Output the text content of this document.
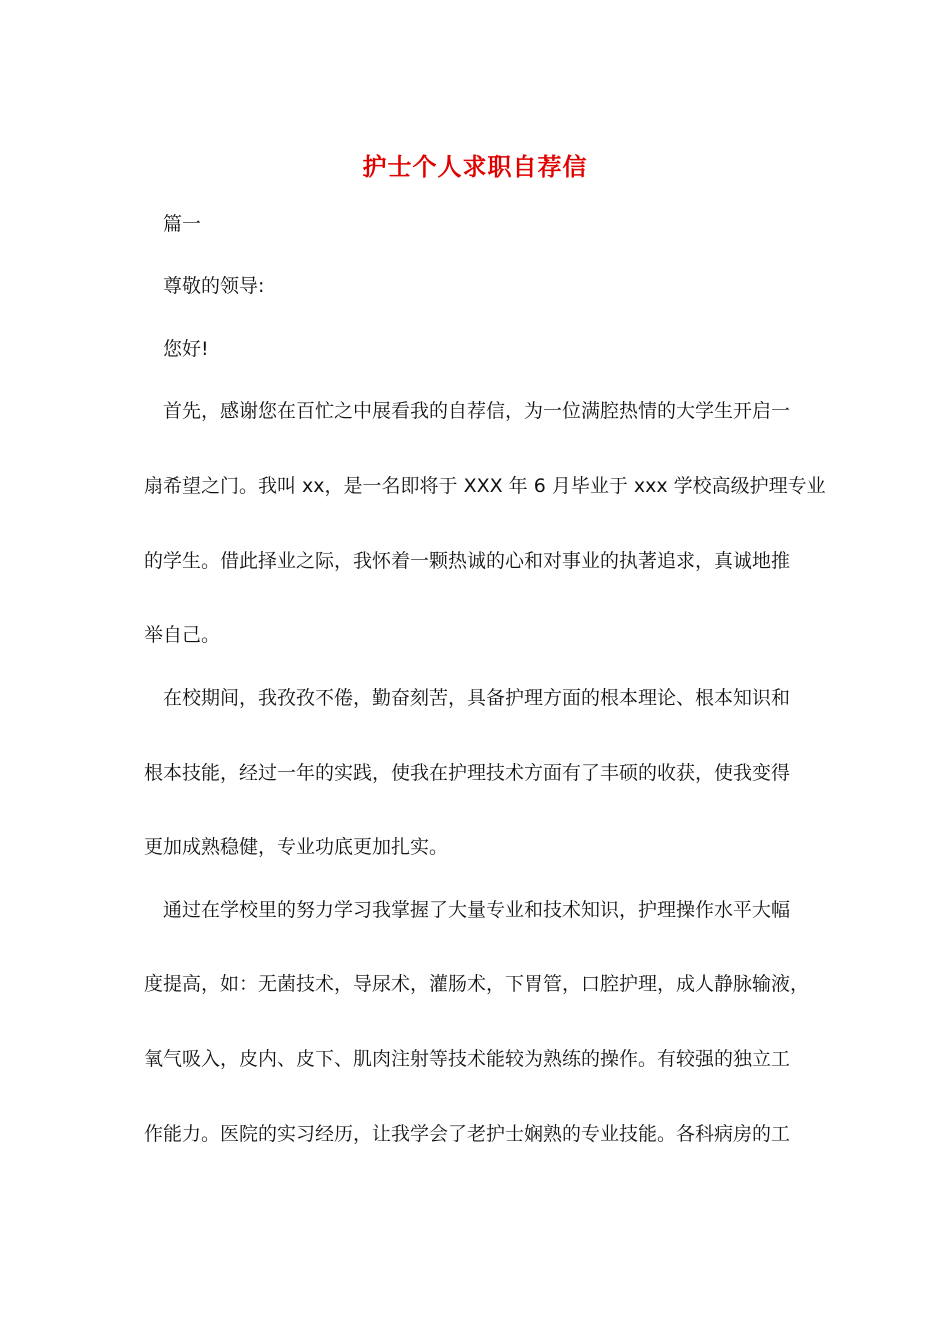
护士个人求职自荐信
篇一
尊敬的领导:
您好!
首先，感谢您在百忙之中展看我的自荐信，为一位满腔热情的大学生开启一
扇希望之门。我叫 xx，是一名即将于 XXX 年 6 月毕业于 xxx 学校高级护理专业
的学生。借此择业之际，我怀着一颗热诚的心和对事业的执著追求，真诚地推
举自己。
在校期间，我孜孜不倦，勤奋刻苦，具备护理方面的根本理论、根本知识和
根本技能，经过一年的实践，使我在护理技术方面有了丰硕的收获，使我变得
更加成熟稳健，专业功底更加扎实。
通过在学校里的努力学习我掌握了大量专业和技术知识，护理操作水平大幅
度提高，如：无菌技术，导尿术，灌肠术，下胃管，口腔护理，成人静脉输液，
氧气吸入，皮内、皮下、肌肉注射等技术能较为熟练的操作。有较强的独立工
作能力。医院的实习经历，让我学会了老护士娴熟的专业技能。各科病房的工
